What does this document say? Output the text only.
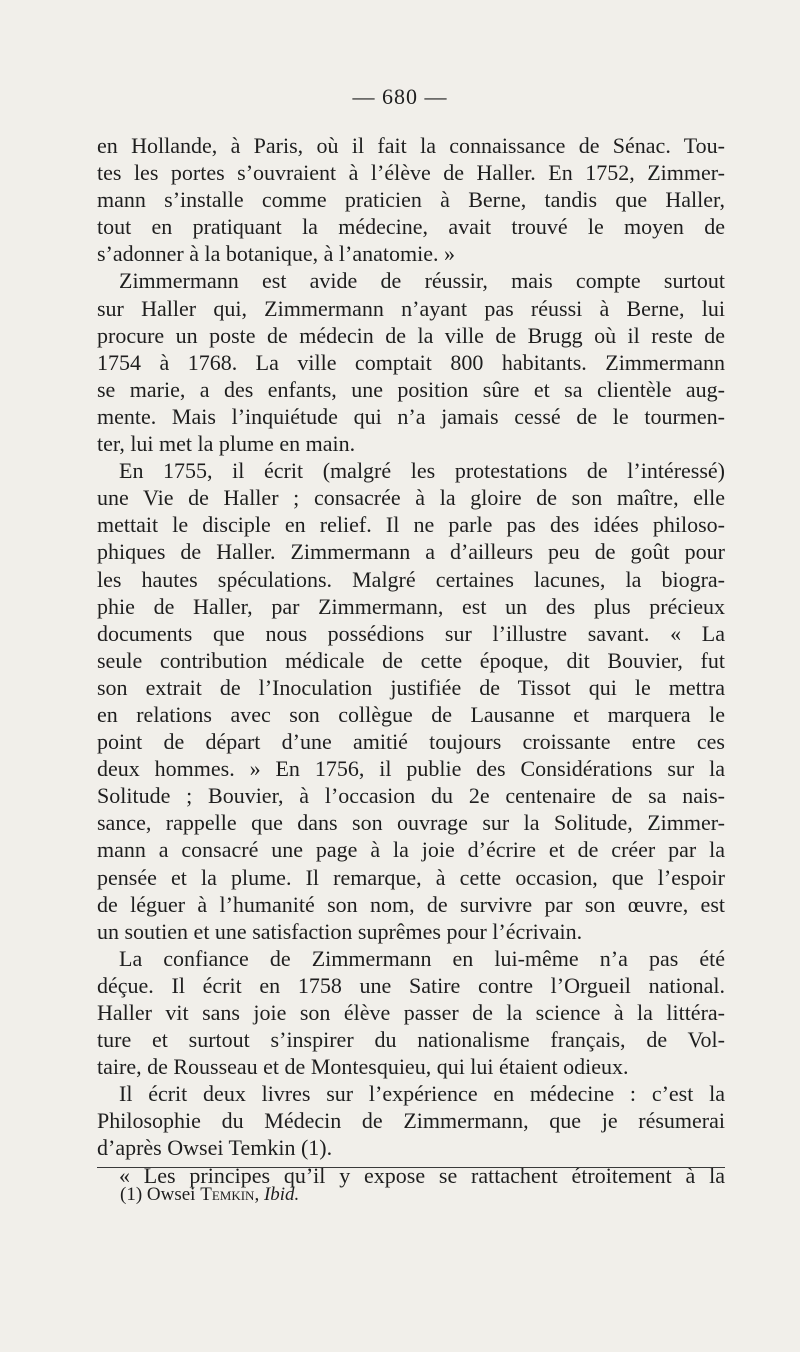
— 680 —
en Hollande, à Paris, où il fait la connaissance de Sénac. Tou-
tes les portes s’ouvraient à l’élève de Haller. En 1752, Zimmer-
mann s’installe comme praticien à Berne, tandis que Haller,
tout en pratiquant la médecine, avait trouvé le moyen de
s’adonner à la botanique, à l’anatomie. »
Zimmermann est avide de réussir, mais compte surtout
sur Haller qui, Zimmermann n’ayant pas réussi à Berne, lui
procure un poste de médecin de la ville de Brugg où il reste de
1754 à 1768. La ville comptait 800 habitants. Zimmermann
se marie, a des enfants, une position sûre et sa clientèle aug-
mente. Mais l’inquiétude qui n’a jamais cessé de le tourmen-
ter, lui met la plume en main.
En 1755, il écrit (malgré les protestations de l’intéressé)
une Vie de Haller ; consacrée à la gloire de son maître, elle
mettait le disciple en relief. Il ne parle pas des idées philoso-
phiques de Haller. Zimmermann a d’ailleurs peu de goût pour
les hautes spéculations. Malgré certaines lacunes, la biogra-
phie de Haller, par Zimmermann, est un des plus précieux
documents que nous possédions sur l’illustre savant. « La
seule contribution médicale de cette époque, dit Bouvier, fut
son extrait de l’Inoculation justifiée de Tissot qui le mettra
en relations avec son collègue de Lausanne et marquera le
point de départ d’une amitié toujours croissante entre ces
deux hommes. » En 1756, il publie des Considérations sur la
Solitude ; Bouvier, à l’occasion du 2e centenaire de sa nais-
sance, rappelle que dans son ouvrage sur la Solitude, Zimmer-
mann a consacré une page à la joie d’écrire et de créer par la
pensée et la plume. Il remarque, à cette occasion, que l’espoir
de léguer à l’humanité son nom, de survivre par son œuvre, est
un soutien et une satisfaction suprêmes pour l’écrivain.
La confiance de Zimmermann en lui-même n’a pas été
déçue. Il écrit en 1758 une Satire contre l’Orgueil national.
Haller vit sans joie son élève passer de la science à la littéra-
ture et surtout s’inspirer du nationalisme français, de Vol-
taire, de Rousseau et de Montesquieu, qui lui étaient odieux.
Il écrit deux livres sur l’expérience en médecine : c’est la
Philosophie du Médecin de Zimmermann, que je résumerai
d’après Owsei Temkin (1).
« Les principes qu’il y expose se rattachent étroitement à la
(1) Owsei Temkin, Ibid.
